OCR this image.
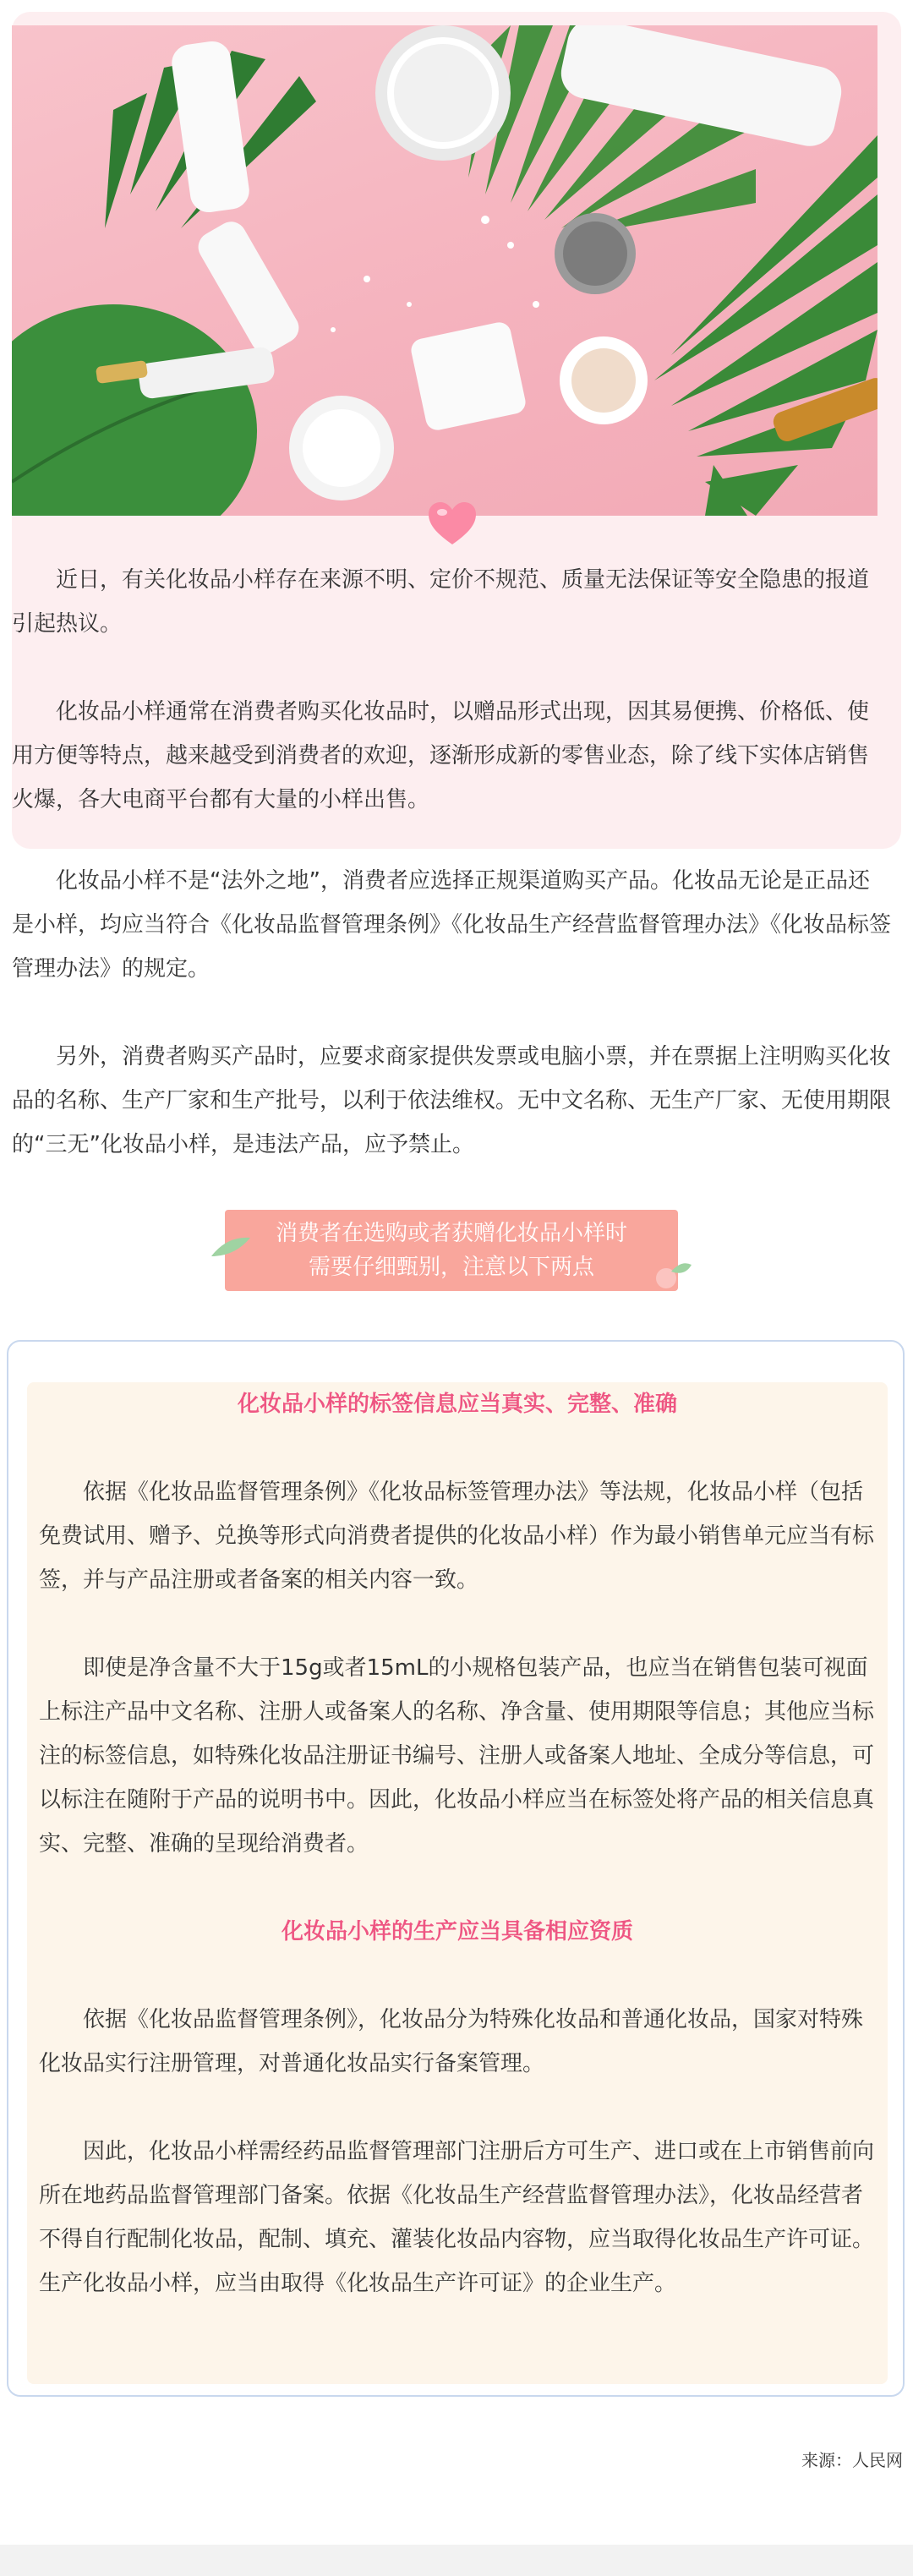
近日，有关化妆品小样存在来源不明、定价不规范、质量无法保证等安全隐患的报道引起热议。

化妆品小样通常在消费者购买化妆品时，以赠品形式出现，因其易便携、价格低、使用方便等特点，越来越受到消费者的欢迎，逐渐形成新的零售业态，除了线下实体店销售火爆，各大电商平台都有大量的小样出售。

化妆品小样不是“法外之地”，消费者应选择正规渠道购买产品。化妆品无论是正品还是小样，均应当符合《化妆品监督管理条例》《化妆品生产经营监督管理办法》《化妆品标签管理办法》的规定。

另外，消费者购买产品时，应要求商家提供发票或电脑小票，并在票据上注明购买化妆品的名称、生产厂家和生产批号，以利于依法维权。无中文名称、无生产厂家、无使用期限的“三无”化妆品小样，是违法产品，应予禁止。

消费者在选购或者获赠化妆品小样时
需要仔细甄别，注意以下两点
化妆品小样的标签信息应当真实、完整、准确

依据《化妆品监督管理条例》《化妆品标签管理办法》等法规，化妆品小样（包括免费试用、赠予、兑换等形式向消费者提供的化妆品小样）作为最小销售单元应当有标签，并与产品注册或者备案的相关内容一致。

即使是净含量不大于15g或者15mL的小规格包装产品，也应当在销售包装可视面上标注产品中文名称、注册人或备案人的名称、净含量、使用期限等信息；其他应当标注的标签信息，如特殊化妆品注册证书编号、注册人或备案人地址、全成分等信息，可以标注在随附于产品的说明书中。因此，化妆品小样应当在标签处将产品的相关信息真实、完整、准确的呈现给消费者。

化妆品小样的生产应当具备相应资质

依据《化妆品监督管理条例》，化妆品分为特殊化妆品和普通化妆品，国家对特殊化妆品实行注册管理，对普通化妆品实行备案管理。

因此，化妆品小样需经药品监督管理部门注册后方可生产、进口或在上市销售前向所在地药品监督管理部门备案。依据《化妆品生产经营监督管理办法》，化妆品经营者不得自行配制化妆品，配制、填充、灌装化妆品内容物，应当取得化妆品生产许可证。生产化妆品小样，应当由取得《化妆品生产许可证》的企业生产。

来源：人民网
